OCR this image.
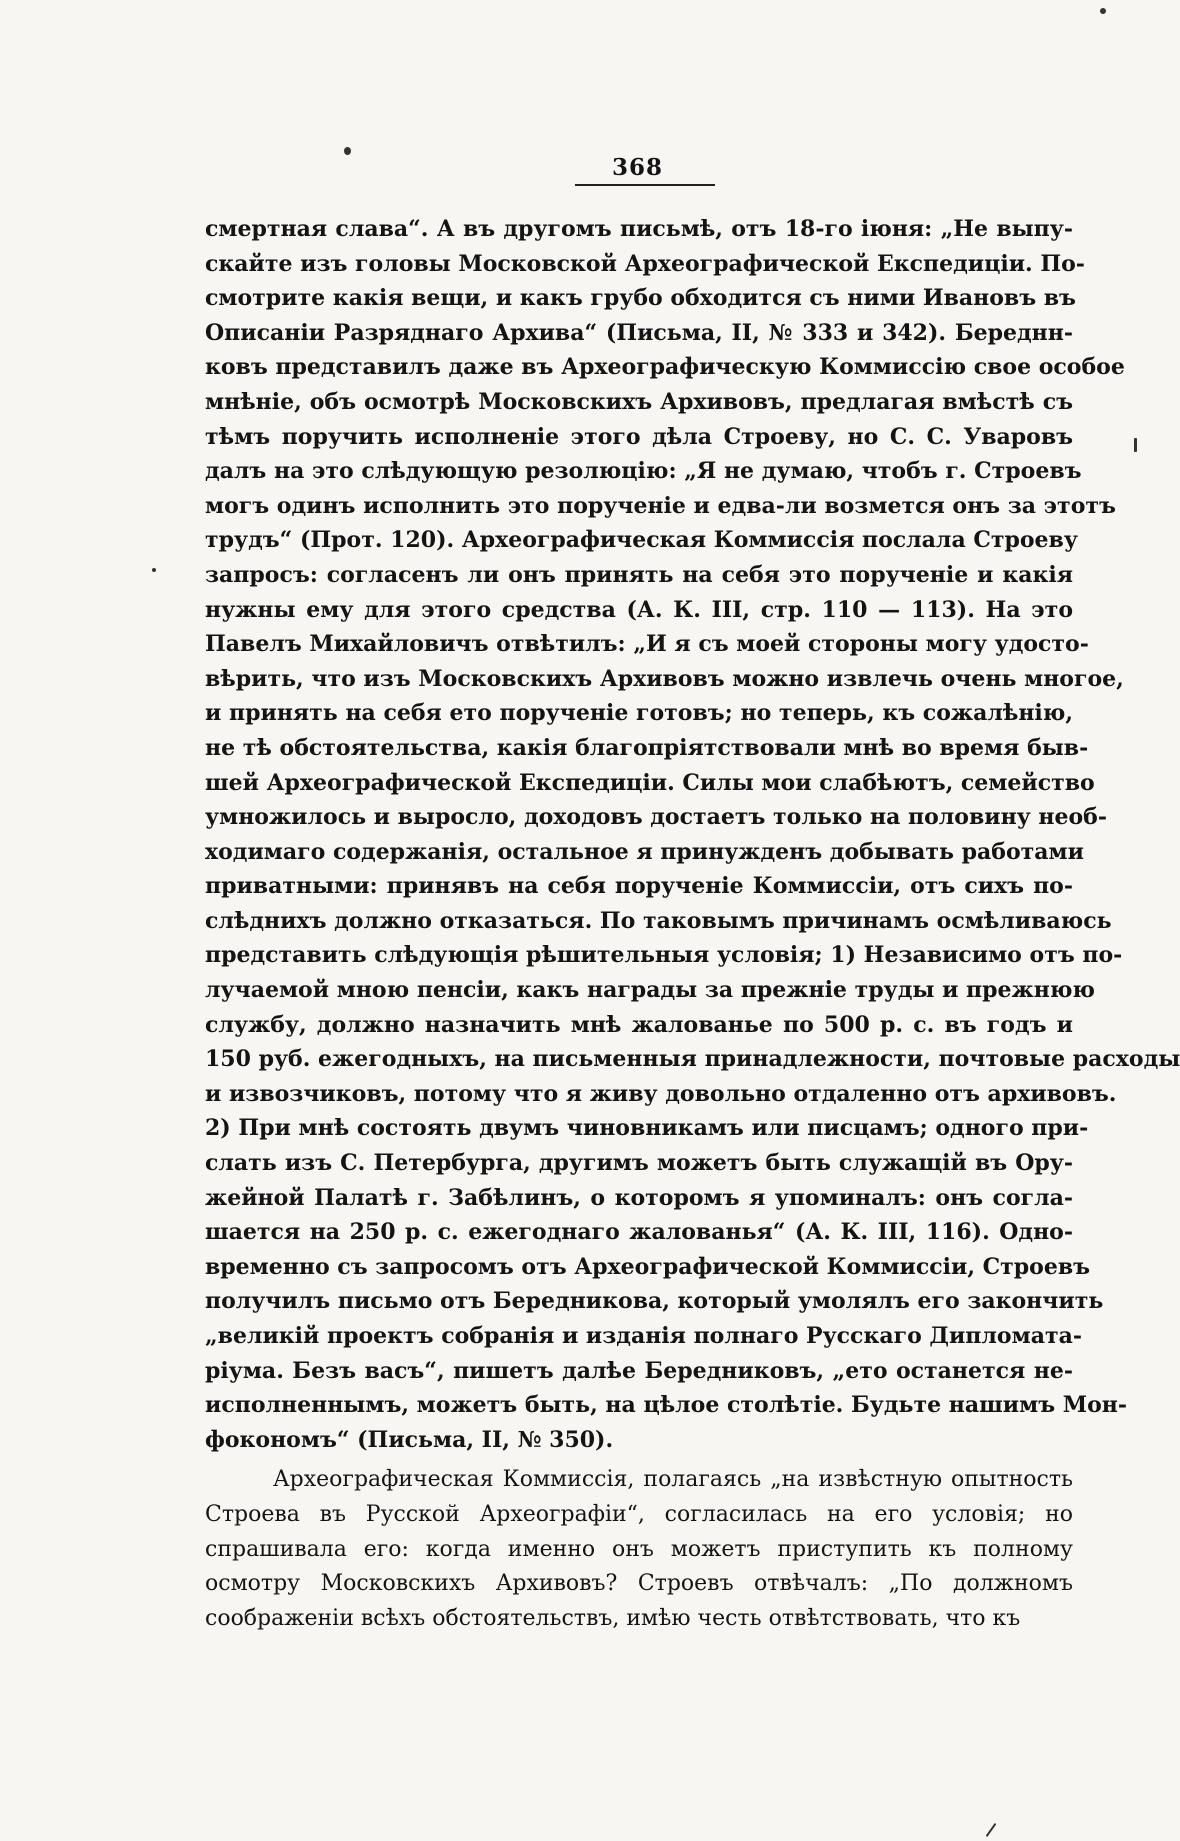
368
смертная слава“. А въ другомъ письмѣ, отъ 18-го іюня: „Не выпу-
скайте изъ головы Московской Археографической Експедиціи. По-
смотрите какія вещи, и какъ грубо обходится съ ними Ивановъ въ
Описаніи Разряднаго Архива“ (Письма, II, № 333 и 342). Береднн-
ковъ представилъ даже въ Археографическую Коммиссію свое особое
мнѣніе, объ осмотрѣ Московскихъ Архивовъ, предлагая вмѣстѣ съ
тѣмъ поручить исполненіе этого дѣла Строеву, но С. С. Уваровъ
далъ на это слѣдующую резолюцію: „Я не думаю, чтобъ г. Строевъ
могъ одинъ исполнить это порученіе и едва-ли возмется онъ за этотъ
трудъ“ (Прот. 120). Археографическая Коммиссія послала Строеву
запросъ: согласенъ ли онъ принять на себя это порученіе и какія
нужны ему для этого средства (А. К. III, стр. 110 — 113). На это
Павелъ Михайловичъ отвѣтилъ: „И я съ моей стороны могу удосто-
вѣрить, что изъ Московскихъ Архивовъ можно извлечь очень многое,
и принять на себя ето порученіе готовъ; но теперь, къ сожалѣнію,
не тѣ обстоятельства, какія благопріятствовали мнѣ во время быв-
шей Археографической Експедиціи. Силы мои слабѣютъ, семейство
умножилось и выросло, доходовъ достаетъ только на половину необ-
ходимаго содержанія, остальное я принужденъ добывать работами
приватными: принявъ на себя порученіе Коммиссіи, отъ сихъ по-
слѣднихъ должно отказаться. По таковымъ причинамъ осмѣливаюсь
представить слѣдующія рѣшительныя условія; 1) Независимо отъ по-
лучаемой мною пенсіи, какъ награды за прежніе труды и прежнюю
службу, должно назначить мнѣ жалованье по 500 р. с. въ годъ и
150 руб. ежегодныхъ, на письменныя принадлежности, почтовые расходы
и извозчиковъ, потому что я живу довольно отдаленно отъ архивовъ.
2) При мнѣ состоять двумъ чиновникамъ или писцамъ; одного при-
слать изъ С. Петербурга, другимъ можетъ быть служащій въ Ору-
жейной Палатѣ г. Забѣлинъ, о которомъ я упоминалъ: онъ согла-
шается на 250 р. с. ежегоднаго жалованья“ (А. К. III, 116). Одно-
временно съ запросомъ отъ Археографической Коммиссіи, Строевъ
получилъ письмо отъ Бередникова, который умолялъ его закончить
„великій проектъ собранія и изданія полнаго Русскаго Дипломата-
ріума. Безъ васъ“, пишетъ далѣе Бередниковъ, „ето останется не-
исполненнымъ, можетъ быть, на цѣлое столѣтіе. Будьте нашимъ Мон-
фокономъ“ (Письма, II, № 350).
Археографическая Коммиссія, полагаясь „на извѣстную опытность
Строева въ Русской Археографіи“, согласилась на его условія; но
спрашивала его: когда именно онъ можетъ приступить къ полному
осмотру Московскихъ Архивовъ? Строевъ отвѣчалъ: „По должномъ
соображеніи всѣхъ обстоятельствъ, имѣю честь отвѣтствовать, что къ
